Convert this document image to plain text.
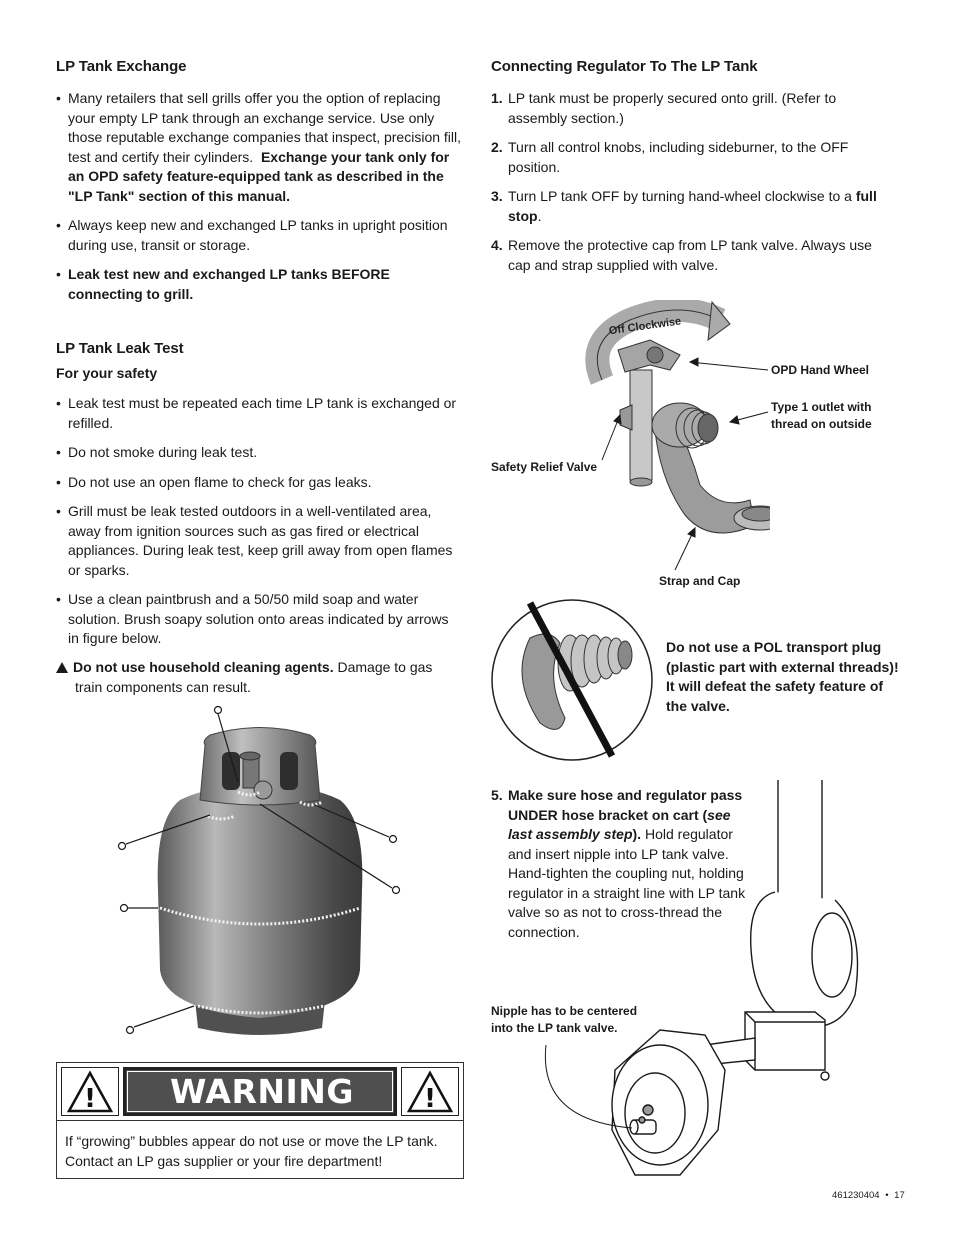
LP Tank Exchange
• Many retailers that sell grills offer you the option of replacing
your empty LP tank through an exchange service. Use only
those reputable exchange companies that inspect, precision fill,
test and certify their cylinders. Exchange your tank only for
an OPD safety feature-equipped tank as described in the
"LP Tank" section of this manual.
• Always keep new and exchanged LP tanks in upright position
during use, transit or storage.
• Leak test new and exchanged LP tanks BEFORE
connecting to grill.
LP Tank Leak Test
For your safety
• Leak test must be repeated each time LP tank is exchanged or
refilled.
• Do not smoke during leak test.
• Do not use an open flame to check for gas leaks.
• Grill must be leak tested outdoors in a well-ventilated area,
away from ignition sources such as gas fired or electrical
appliances. During leak test, keep grill away from open flames
or sparks.
• Use a clean paintbrush and a 50/50 mild soap and water
solution. Brush soapy solution onto areas indicated by arrows
in figure below.
Do not use household cleaning agents. Damage to gas
train components can result.
!	WARNING	!
If “growing” bubbles appear do not use or move the LP tank.
Contact an LP gas supplier or your fire department!
Connecting Regulator To The LP Tank
1. LP tank must be properly secured onto grill. (Refer to
assembly section.)
2. Turn all control knobs, including sideburner, to the OFF
position.
3. Turn LP tank OFF by turning hand-wheel clockwise to a full
stop.
4. Remove the protective cap from LP tank valve. Always use
cap and strap supplied with valve.
Off Clockwise
OPD Hand Wheel
Type 1 outlet with
thread on outside
Safety Relief Valve
Strap and Cap
Do not use a POL transport plug
(plastic part with external threads)!
It will defeat the safety feature of
the valve.
5. Make sure hose and regulator pass
UNDER hose bracket on cart (see
last assembly step). Hold regulator
and insert nipple into LP tank valve.
Hand-tighten the coupling nut, holding
regulator in a straight line with LP tank
valve so as not to cross-thread the
connection.
Nipple has to be centered
into the LP tank valve.
461230404 • 17
